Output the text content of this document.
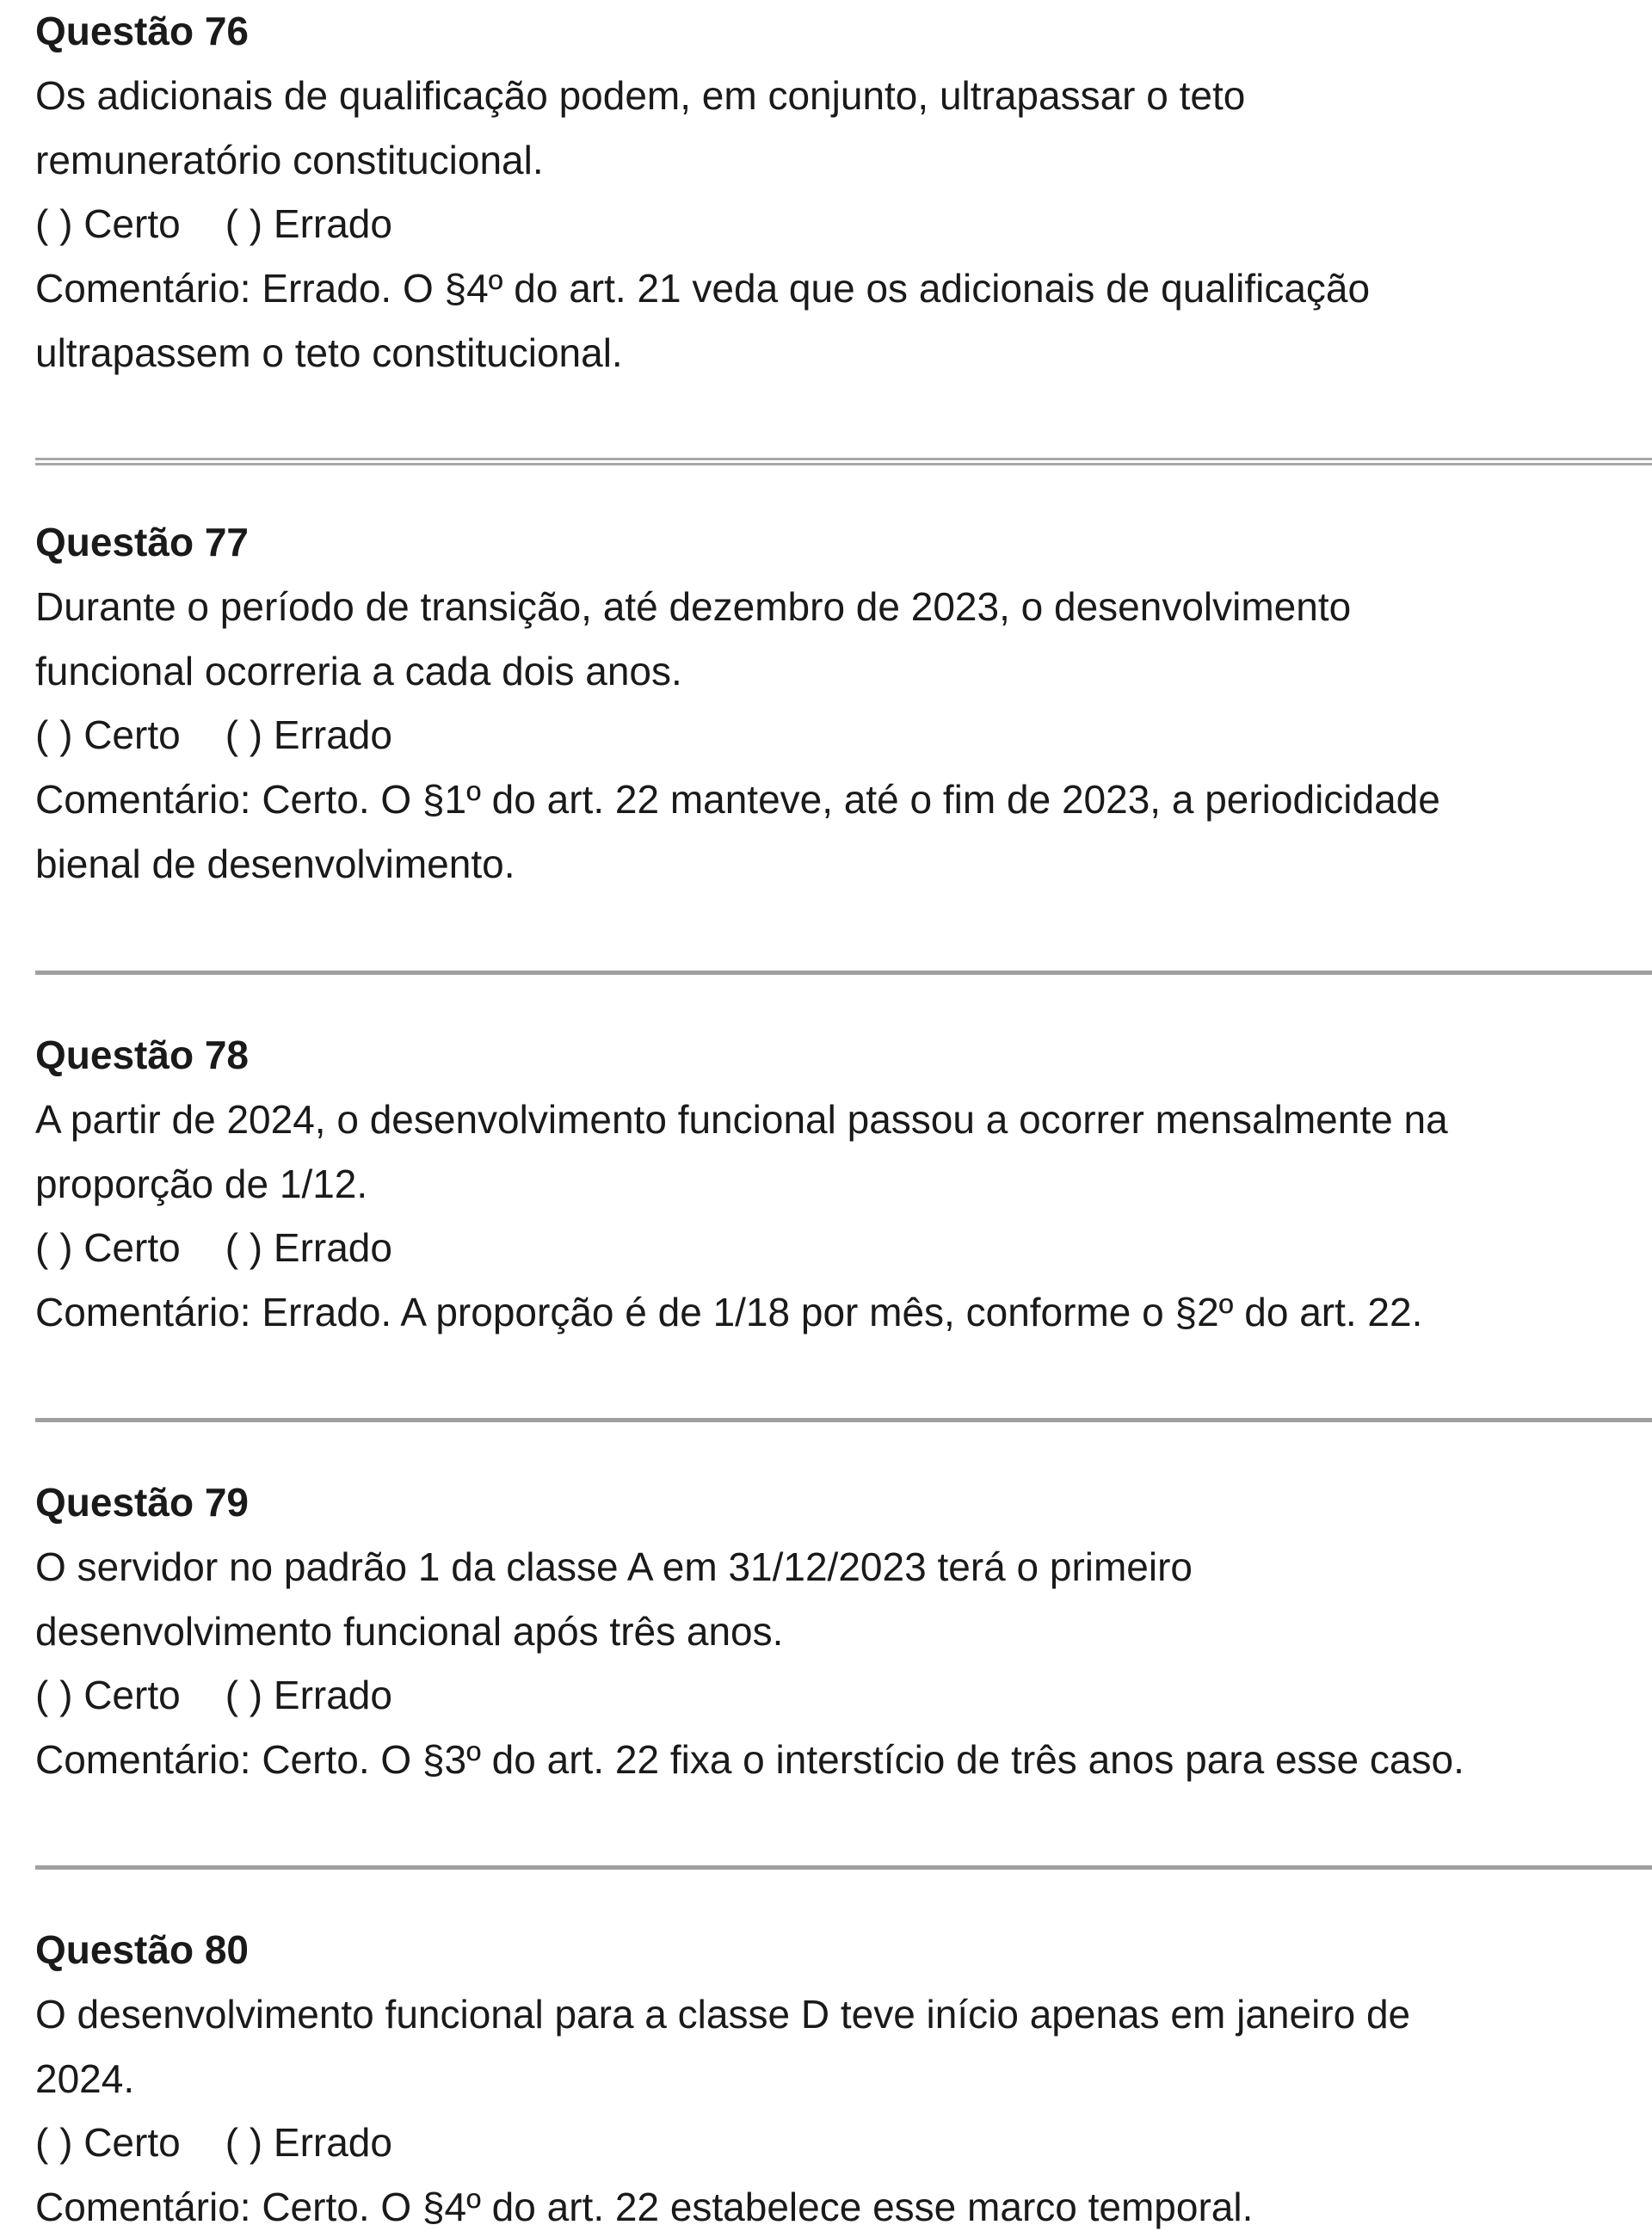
Questão 76
Os adicionais de qualificação podem, em conjunto, ultrapassar o teto
remuneratório constitucional.
( ) Certo ( ) Errado
Comentário: Errado. O §4º do art. 21 veda que os adicionais de qualificação
ultrapassem o teto constitucional.
Questão 77
Durante o período de transição, até dezembro de 2023, o desenvolvimento
funcional ocorreria a cada dois anos.
( ) Certo ( ) Errado
Comentário: Certo. O §1º do art. 22 manteve, até o fim de 2023, a periodicidade
bienal de desenvolvimento.
Questão 78
A partir de 2024, o desenvolvimento funcional passou a ocorrer mensalmente na
proporção de 1/12.
( ) Certo ( ) Errado
Comentário: Errado. A proporção é de 1/18 por mês, conforme o §2º do art. 22.
Questão 79
O servidor no padrão 1 da classe A em 31/12/2023 terá o primeiro
desenvolvimento funcional após três anos.
( ) Certo ( ) Errado
Comentário: Certo. O §3º do art. 22 fixa o interstício de três anos para esse caso.
Questão 80
O desenvolvimento funcional para a classe D teve início apenas em janeiro de
2024.
( ) Certo ( ) Errado
Comentário: Certo. O §4º do art. 22 estabelece esse marco temporal.
